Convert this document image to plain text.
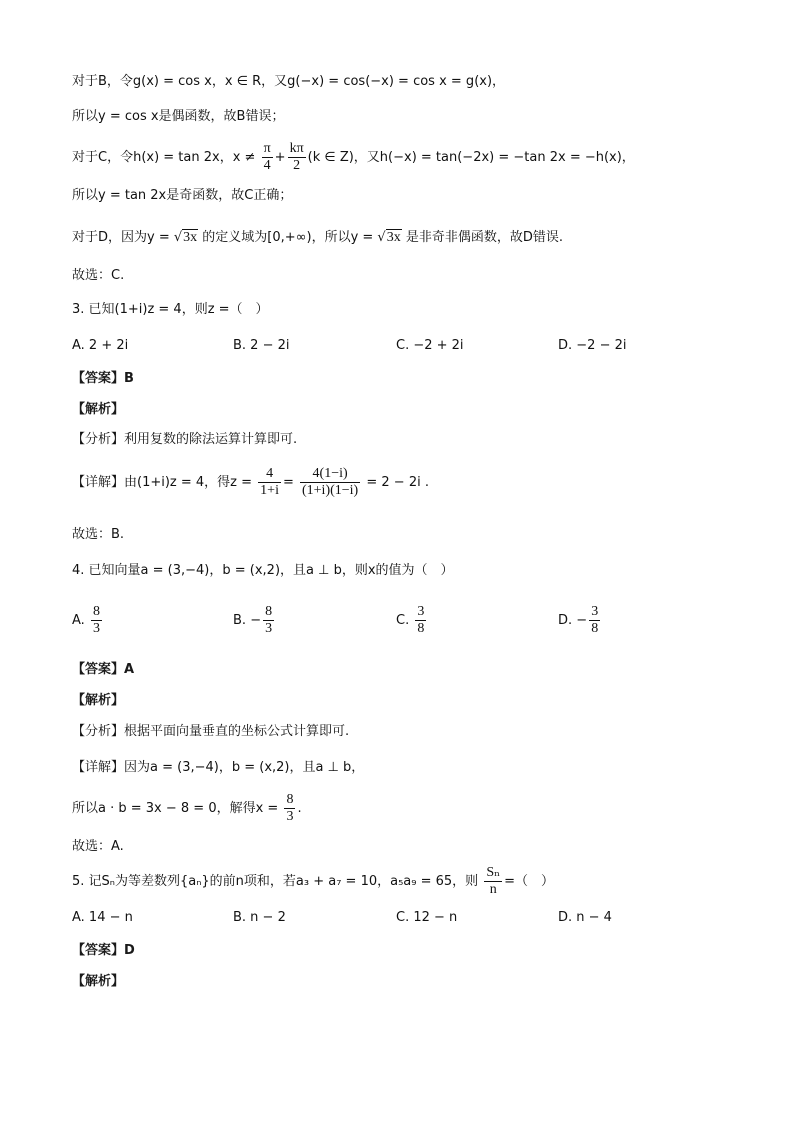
对于B，令g(x) = cos x，x ∈ R，又g(−x) = cos(−x) = cos x = g(x)，
所以y = cos x是偶函数，故B错误；
对于C，令h(x) = tan 2x，$x \ne \frac{\pi}{4} + \frac{k\pi}{2} (k$ ∈ Z)，又h(−x) = tan(−2x) = −tan 2x = −h(x)，
所以y = tan 2x是奇函数，故C正确；
对于D，因为y = √3x 的定义域为[0,+∞)，所以y = √3x 是非奇非偶函数，故D错误.
故选：C.
3. 已知(1+i)z = 4，则z =（　）
A. 2 + 2i	B. 2 − 2i	C. −2 + 2i	D. −2 − 2i
【答案】B
【解析】
【分析】利用复数的除法运算计算即可.
【详解】由(1+i)z = 4，得$z = \frac{4}{1+i} = \frac{4(1-i)}{(1+i)(1-i)} = 2 - 2i$ .
故选：B.
4. 已知向量a = (3,−4)，b = (x,2)，且a ⊥ b，则x的值为（　）
A. $\frac{8}{3}$	B. − $\frac{8}{3}$	C. $\frac{3}{8}$	D. − $\frac{3}{8}$
【答案】A
【解析】
【分析】根据平面向量垂直的坐标公式计算即可.
【详解】因为a = (3,−4)，b = (x,2)，且a ⊥ b，
所以a · b = 3x − 8 = 0，解得$x = \frac{8}{3}$ .
故选：A.
5. 记Sₙ为等差数列{aₙ}的前n项和，若a₃ + a₇ = 10，a₅a₉ = 65，则 $\frac{\text{Sₙ}}{n}$ =（　）
A. 14 − n	B. n − 2	C. 12 − n	D. n − 4
【答案】D
【解析】
